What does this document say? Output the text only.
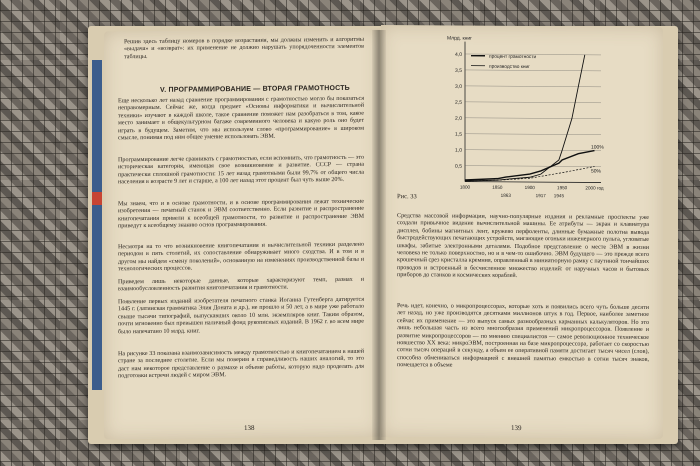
Решив здесь таблицу номеров в порядке возрастания, мы должны изменить и алгоритмы «выдача» и «возврат»: их применение не должно нарушать упорядоченности элементов таблицы.
V. ПРОГРАММИРОВАНИЕ — ВТОРАЯ ГРАМОТНОСТЬ
Еще несколько лет назад сравнение программирования с грамотностью могло бы показаться неправомерным. Сейчас же, когда предмет «Основы информатики и вычислительной техники» изучают в каждой школе, такое сравнение поможет нам разобраться в том, какое место занимает в общекультурном багаже современного человека и какую роль оно будет играть в будущем. Заметим, что мы используем слово «программирование» в широком смысле, понимая под ним общее умение использовать ЭВМ.
Программирование легче сравнивать с грамотностью, если вспомнить, что грамотность — это историческая категория, имеющая свое возникновение и развитие. СССР — страна практически сплошной грамотности: 15 лет назад грамотными были 99,7% от общего числа населения в возрасте 9 лет и старше, а 100 лет назад этот процент был чуть выше 20%.
Мы знаем, что и в основе грамотности, и в основе программирования лежат технические изобретения — печатный станок и ЭВМ соответственно. Если развитие и распространение книгопечатания привели к всеобщей грамотности, то развитие и распространение ЭВМ приведут к всеобщему знанию основ программирования.
Несмотря на то что возникновение книгопечатания и вычислительной техники разделено периодом в пять столетий, их сопоставление обнаруживает много сходства. И в том и в другом мы найдем «смену поколений», основанную на изменениях производственной базы и технологических процессов.
Приведем лишь некоторые данные, которые характеризуют темп, размах и взаимообусловленность развития книгопечатания и грамотности.
Появление первых изданий изобретателя печатного станка Иоганна Гутенберга датируется 1445 г. (латинская грамматика Элия Доната и др.), не прошло и 50 лет, а в мире уже работало свыше тысячи типографий, выпускавших около 10 млн. экземпляров книг. Таким образом, почти мгновенно был превышен наличный фонд рукописных изданий. В 1962 г. во всем мире было напечатано 10 млрд. книг.
На рисунке 33 показана взаимозависимость между грамотностью и книгопечатанием в нашей стране за последнее столетие. Если мы поверим в справедливость наших аналогий, то это даст нам некоторое представление о размахе и объеме работы, которую надо проделать для подготовки встречи людей с миром ЭВМ.
138
0,5
1,0
1,5
2,0
2,5
3,0
3,5
4,0
1800	1850
1863
1900
1917 1945
1950	2000 год
Млрд. книг
процент грамотности
производство книг
100%
50%
Рис. 33
Средства массовой информации, научно-популярные издания и рекламные проспекты уже создали привычное видение вычислительной машины. Ее атрибуты — экран и клавиатура дисплея, бобины магнитных лент, кружево перфоленты, длинные бумажные полотна вывода быстродействующих печатающих устройств, мигающие огоньки инженерного пульта, угловатые шкафы, забитые электронными деталями. Подобное представление о месте ЭВМ в жизни человека не только поверхностно, но и в чем-то ошибочно. ЭВМ будущего — это прежде всего крошечный срез кристалла кремния, оправленный в миниатюрную рамку с паутиной тончайших проводов и встроенный в бесчисленное множество изделий: от наручных часов и бытовых приборов до станков и космических кораблей.
Речь идет, конечно, о микропроцессорах, которые хоть и появились всего чуть больше десяти лет назад, но уже производятся десятками миллионов штук в год. Первое, наиболее заметное сейчас их применение — это выпуск самых разнообразных карманных калькуляторов. Но это лишь небольшая часть из всего многообразия применений микропроцессоров. Появление и развитие микропроцессоров — по мнению специалистов — самое революционное техническое новшество XX века: микроЭВМ, построенная на базе микропроцессора, работает со скоростью сотни тысяч операций в секунду, а объем ее оперативной памяти достигает тысяч чисел (слов), способна обмениваться информацией с внешней памятью емкостью в сотни тысяч знаков, помещается в объеме
139
